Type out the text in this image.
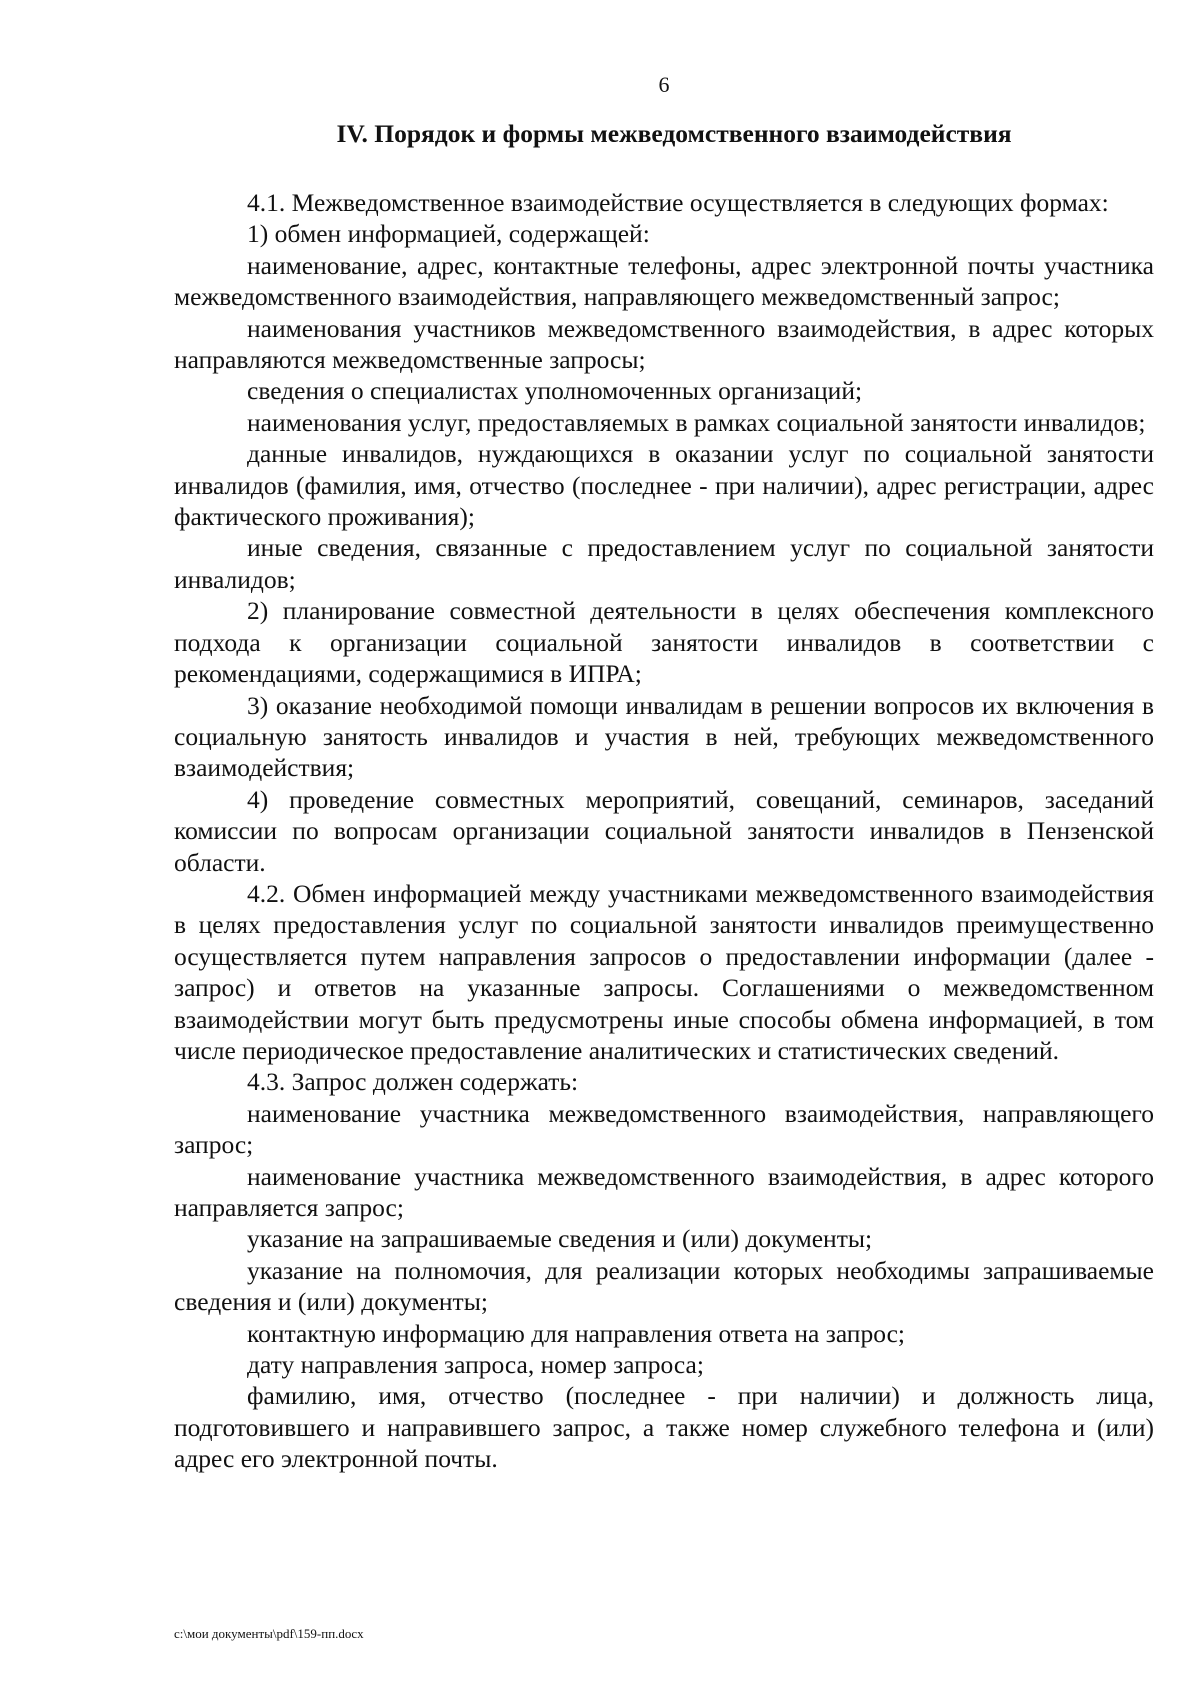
6
IV. Порядок и формы межведомственного взаимодействия

4.1. Межведомственное взаимодействие осуществляется в следующих формах:

1) обмен информацией, содержащей:

наименование, адрес, контактные телефоны, адрес электронной почты участника межведомственного взаимодействия, направляющего межведомственный запрос;

наименования участников межведомственного взаимодействия, в адрес которых направляются межведомственные запросы;

сведения о специалистах уполномоченных организаций;

наименования услуг, предоставляемых в рамках социальной занятости инвалидов;

данные инвалидов, нуждающихся в оказании услуг по социальной занятости инвалидов (фамилия, имя, отчество (последнее - при наличии), адрес регистрации, адрес фактического проживания);

иные сведения, связанные с предоставлением услуг по социальной занятости инвалидов;

2) планирование совместной деятельности в целях обеспечения комплексного подхода к организации социальной занятости инвалидов в соответствии с рекомендациями, содержащимися в ИПРА;

3) оказание необходимой помощи инвалидам в решении вопросов их включения в социальную занятость инвалидов и участия в ней, требующих межведомственного взаимодействия;

4) проведение совместных мероприятий, совещаний, семинаров, заседаний комиссии по вопросам организации социальной занятости инвалидов в Пензенской области.

4.2. Обмен информацией между участниками межведомственного взаимодействия в целях предоставления услуг по социальной занятости инвалидов преимущественно осуществляется путем направления запросов о предоставлении информации (далее - запрос) и ответов на указанные запросы. Соглашениями о межведомственном взаимодействии могут быть предусмотрены иные способы обмена информацией, в том числе периодическое предоставление аналитических и статистических сведений.

4.3. Запрос должен содержать:

наименование участника межведомственного взаимодействия, направляющего запрос;

наименование участника межведомственного взаимодействия, в адрес которого направляется запрос;

указание на запрашиваемые сведения и (или) документы;

указание на полномочия, для реализации которых необходимы запрашиваемые сведения и (или) документы;

контактную информацию для направления ответа на запрос;

дату направления запроса, номер запроса;

фамилию, имя, отчество (последнее - при наличии) и должность лица, подготовившего и направившего запрос, а также номер служебного телефона и (или) адрес его электронной почты.

c:\мои документы\pdf\159-пп.docx
